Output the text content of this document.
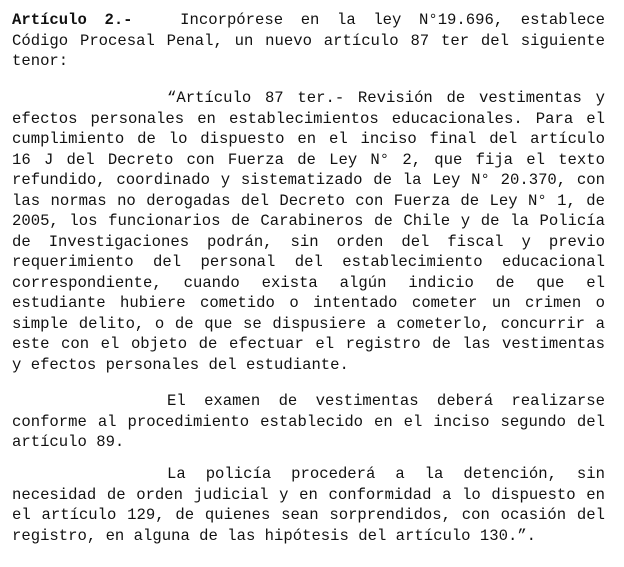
Artículo 2.-	Incorpórese en la ley N°19.696, establece
Código Procesal Penal, un nuevo artículo 87 ter del siguiente
tenor:
“Artículo 87 ter.- Revisión de vestimentas y
efectos personales en establecimientos educacionales. Para el
cumplimiento de lo dispuesto en el inciso final del artículo
16 J del Decreto con Fuerza de Ley N° 2, que fija el texto
refundido, coordinado y sistematizado de la Ley N° 20.370, con
las normas no derogadas del Decreto con Fuerza de Ley N° 1, de
2005, los funcionarios de Carabineros de Chile y de la Policía
de Investigaciones podrán, sin orden del fiscal y previo
requerimiento del personal del establecimiento educacional
correspondiente, cuando exista algún indicio de que el
estudiante hubiere cometido o intentado cometer un crimen o
simple delito, o de que se dispusiere a cometerlo, concurrir a
este con el objeto de efectuar el registro de las vestimentas
y efectos personales del estudiante.
El examen de vestimentas deberá realizarse
conforme al procedimiento establecido en el inciso segundo del
artículo 89.
La policía procederá a la detención, sin
necesidad de orden judicial y en conformidad a lo dispuesto en
el artículo 129, de quienes sean sorprendidos, con ocasión del
registro, en alguna de las hipótesis del artículo 130.”.
